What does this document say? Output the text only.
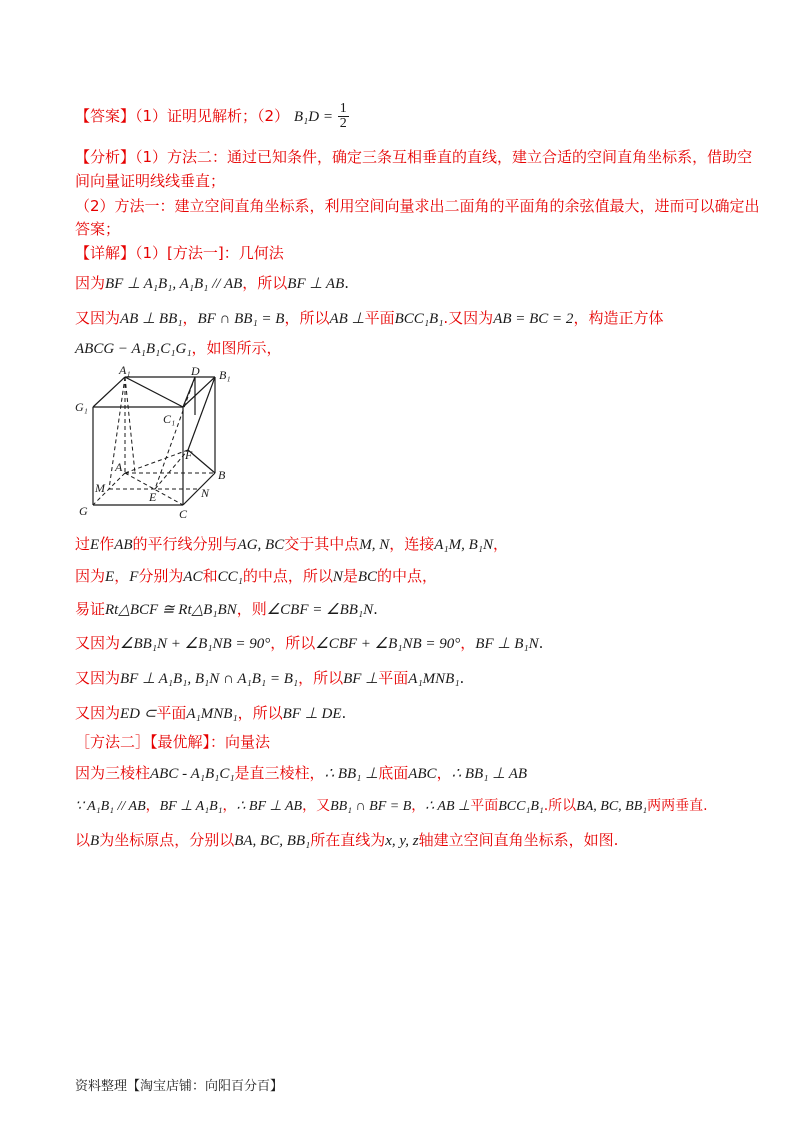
【答案】（1）证明见解析；（2） $B_1D = \frac{1}{2}$
【分析】（1）方法二：通过已知条件，确定三条互相垂直的直线，建立合适的空间直角坐标系，借助空
间向量证明线线垂直；
（2）方法一：建立空间直角坐标系，利用空间向量求出二面角的平面角的余弦值最大，进而可以确定出
答案；
【详解】（1）[方法一]：几何法
因为BF ⊥ A₁B₁, A₁B₁ // AB，所以BF ⊥ AB.
又因为AB ⊥ BB₁，BF ∩ BB₁ = B，所以AB ⊥平面BCC₁B₁.又因为AB = BC = 2，构造正方体
ABCG − A₁B₁C₁G₁，如图所示，
A₁	D B₁
G₁
C₁
F
A
B
M
E	N
G	C
过E作AB的平行线分别与AG, BC交于其中点M, N，连接A₁M, B₁N，
因为E，F分别为AC和CC₁的中点，所以N是BC的中点，
易证Rt△BCF ≅ Rt△B₁BN，则∠CBF = ∠BB₁N.
又因为∠BB₁N + ∠B₁NB = 90°，所以∠CBF + ∠B₁NB = 90°，BF ⊥ B₁N.
又因为BF ⊥ A₁B₁, B₁N ∩ A₁B₁ = B₁，所以BF ⊥平面A₁MNB₁.
又因为ED ⊂平面A₁MNB₁，所以BF ⊥ DE.
［方法二］【最优解】：向量法
因为三棱柱ABC - A₁B₁C₁是直三棱柱，∴ BB₁ ⊥底面ABC，∴ BB₁ ⊥ AB
∵ A₁B₁ // AB，BF ⊥ A₁B₁，∴ BF ⊥ AB，又BB₁ ∩ BF = B，∴ AB ⊥平面BCC₁B₁.所以BA, BC, BB₁两两垂直.
以B为坐标原点，分别以BA, BC, BB₁所在直线为x, y, z轴建立空间直角坐标系，如图.
资料整理【淘宝店铺：向阳百分百】
